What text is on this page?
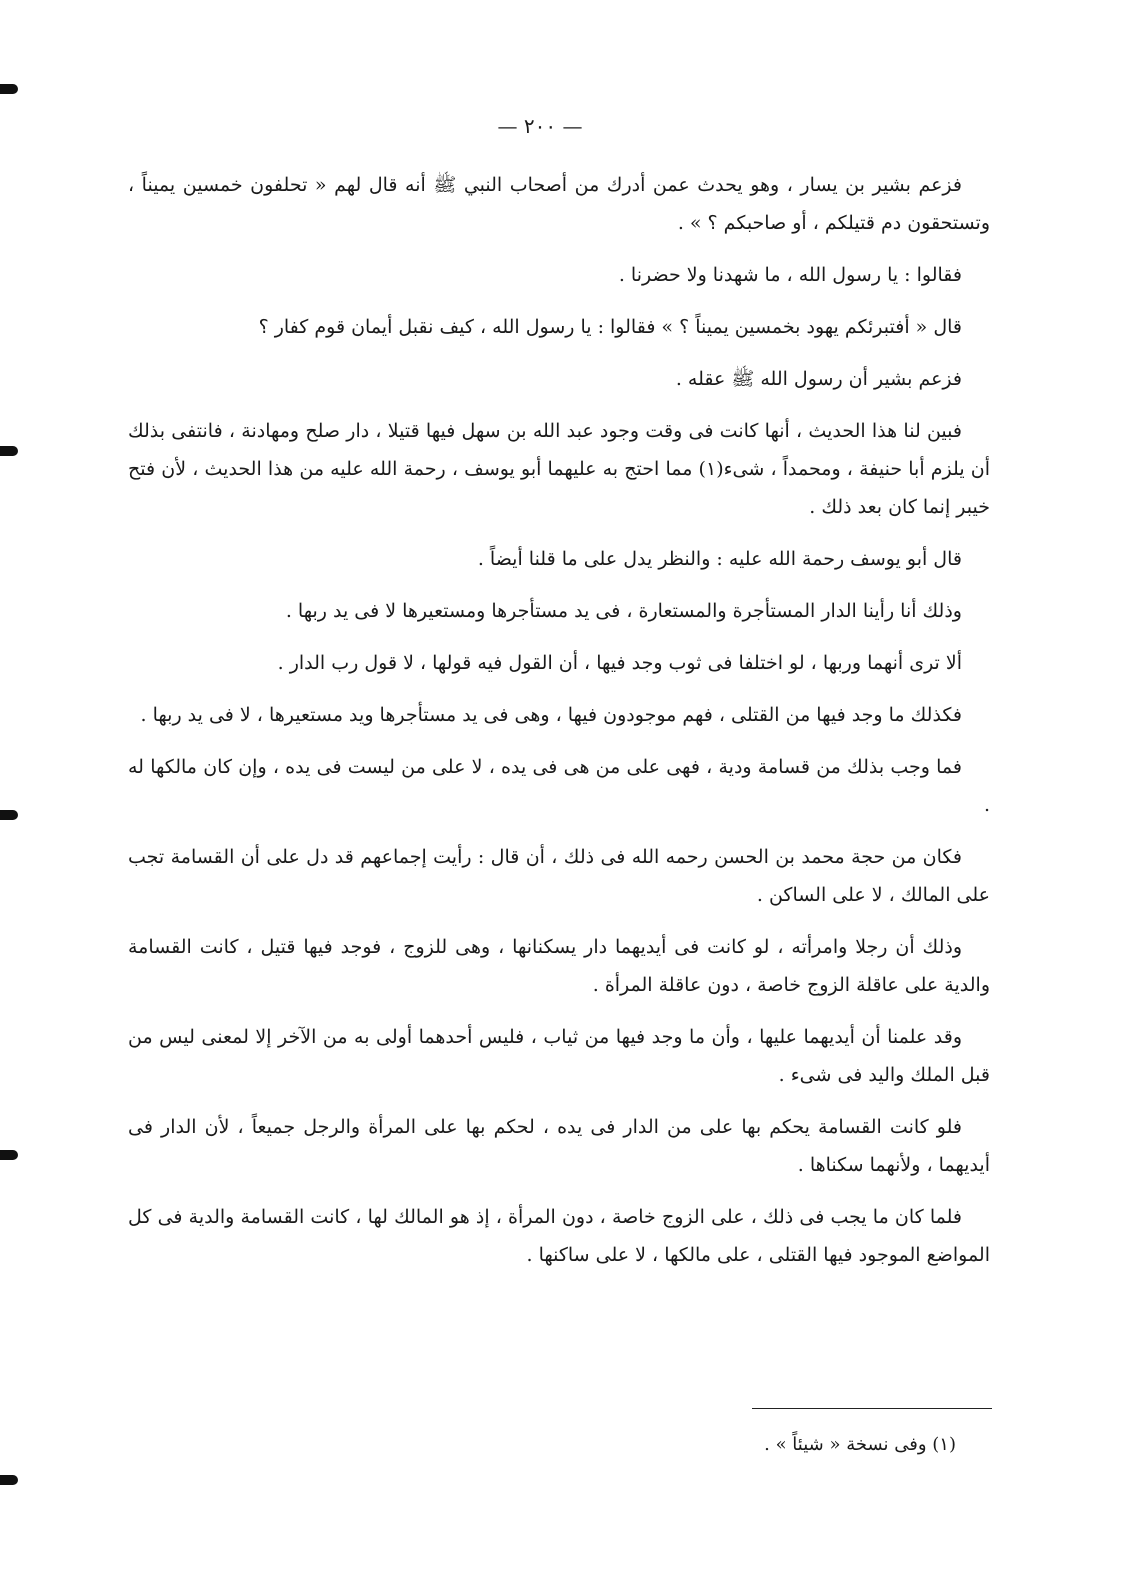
— ٢٠٠ —

فزعم بشير بن يسار ، وهو يحدث عمن أدرك من أصحاب النبي ﷺ أنه قال لهم « تحلفون خمسين يميناً ، وتستحقون دم قتيلكم ، أو صاحبكم ؟ » .

فقالوا : يا رسول الله ، ما شهدنا ولا حضرنا .

قال « أفتبرئكم يهود بخمسين يميناً ؟ » فقالوا : يا رسول الله ، كيف نقبل أيمان قوم كفار ؟

فزعم بشير أن رسول الله ﷺ عقله .

فبين لنا هذا الحديث ، أنها كانت فى وقت وجود عبد الله بن سهل فيها قتيلا ، دار صلح ومهادنة ، فانتفى بذلك أن يلزم أبا حنيفة ، ومحمداً ، شىء(١) مما احتج به عليهما أبو يوسف ، رحمة الله عليه من هذا الحديث ، لأن فتح خيبر إنما كان بعد ذلك .

قال أبو يوسف رحمة الله عليه : والنظر يدل على ما قلنا أيضاً .

وذلك أنا رأينا الدار المستأجرة والمستعارة ، فى يد مستأجرها ومستعيرها لا فى يد ربها .

ألا ترى أنهما وربها ، لو اختلفا فى ثوب وجد فيها ، أن القول فيه قولها ، لا قول رب الدار .

فكذلك ما وجد فيها من القتلى ، فهم موجودون فيها ، وهى فى يد مستأجرها ويد مستعيرها ، لا فى يد ربها .

فما وجب بذلك من قسامة ودية ، فهى على من هى فى يده ، لا على من ليست فى يده ، وإن كان مالكها له .

فكان من حجة محمد بن الحسن رحمه الله فى ذلك ، أن قال : رأيت إجماعهم قد دل على أن القسامة تجب على المالك ، لا على الساكن .

وذلك أن رجلا وامرأته ، لو كانت فى أيديهما دار يسكنانها ، وهى للزوج ، فوجد فيها قتيل ، كانت القسامة والدية على عاقلة الزوج خاصة ، دون عاقلة المرأة .

وقد علمنا أن أيديهما عليها ، وأن ما وجد فيها من ثياب ، فليس أحدهما أولى به من الآخر إلا لمعنى ليس من قبل الملك واليد فى شىء .

فلو كانت القسامة يحكم بها على من الدار فى يده ، لحكم بها على المرأة والرجل جميعاً ، لأن الدار فى أيديهما ، ولأنهما سكناها .

فلما كان ما يجب فى ذلك ، على الزوج خاصة ، دون المرأة ، إذ هو المالك لها ، كانت القسامة والدية فى كل المواضع الموجود فيها القتلى ، على مالكها ، لا على ساكنها .

(١) وفى نسخة « شيئاً » .
